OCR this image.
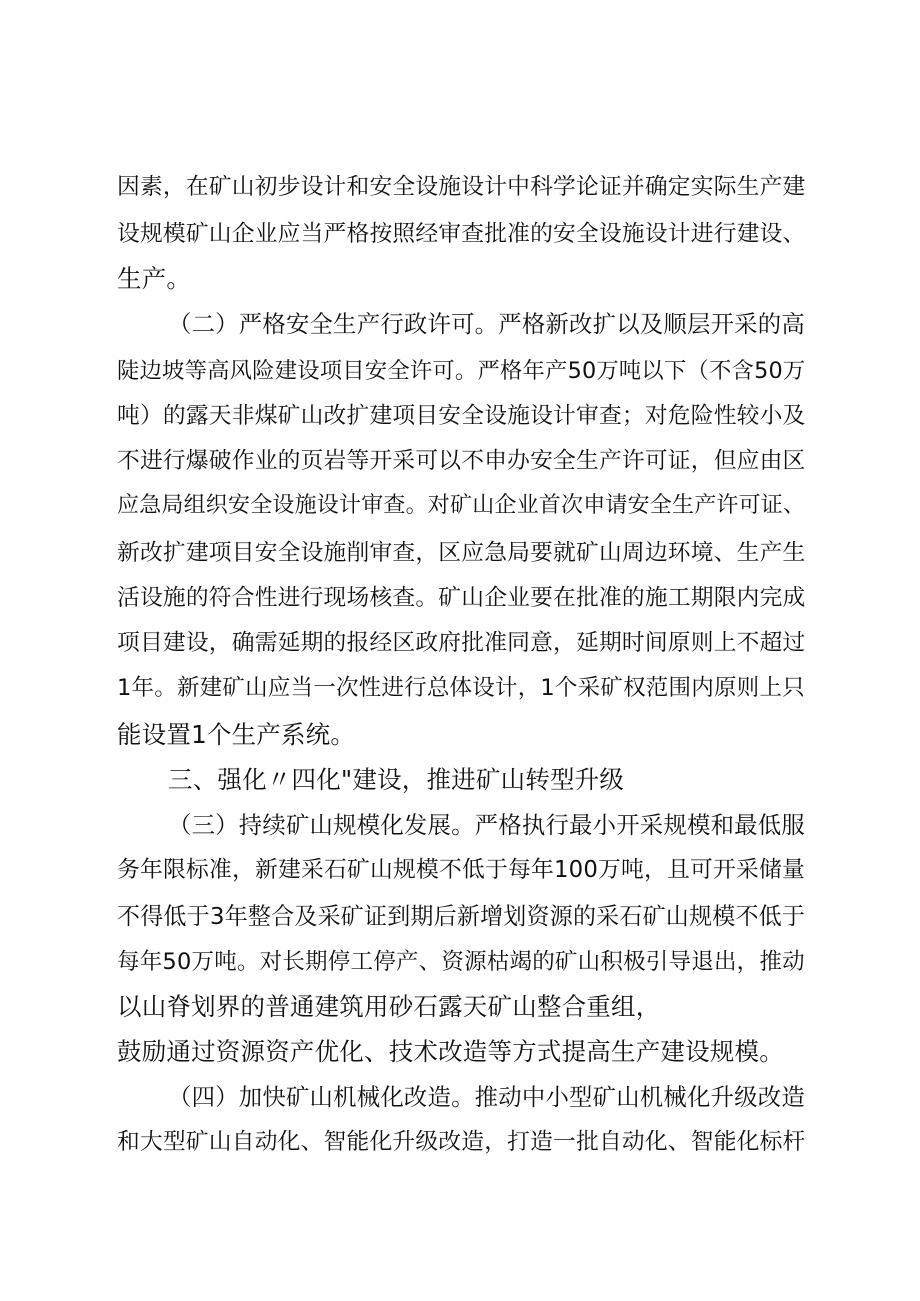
因素，在矿山初步设计和安全设施设计中科学论证并确定实际生产建
设规模矿山企业应当严格按照经审查批准的安全设施设计进行建设、
生产。
（二）严格安全生产行政许可。严格新改扩以及顺层开采的高
陡边坡等高风险建设项目安全许可。严格年产50万吨以下（不含50万
吨）的露天非煤矿山改扩建项目安全设施设计审查；对危险性较小及
不进行爆破作业的页岩等开采可以不申办安全生产许可证，但应由区
应急局组织安全设施设计审查。对矿山企业首次申请安全生产许可证、
新改扩建项目安全设施削审查，区应急局要就矿山周边环境、生产生
活设施的符合性进行现场核查。矿山企业要在批准的施工期限内完成
项目建设，确需延期的报经区政府批准同意，延期时间原则上不超过
1年。新建矿山应当一次性进行总体设计，1个采矿权范围内原则上只
能设置1个生产系统。
三、强化〃四化"建设，推进矿山转型升级
（三）持续矿山规模化发展。严格执行最小开采规模和最低服
务年限标准，新建采石矿山规模不低于每年100万吨，且可开采储量
不得低于3年整合及采矿证到期后新增划资源的采石矿山规模不低于
每年50万吨。对长期停工停产、资源枯竭的矿山积极引导退出，推动
以山脊划界的普通建筑用砂石露天矿山整合重组，
鼓励通过资源资产优化、技术改造等方式提高生产建设规模。
（四）加快矿山机械化改造。推动中小型矿山机械化升级改造
和大型矿山自动化、智能化升级改造，打造一批自动化、智能化标杆
